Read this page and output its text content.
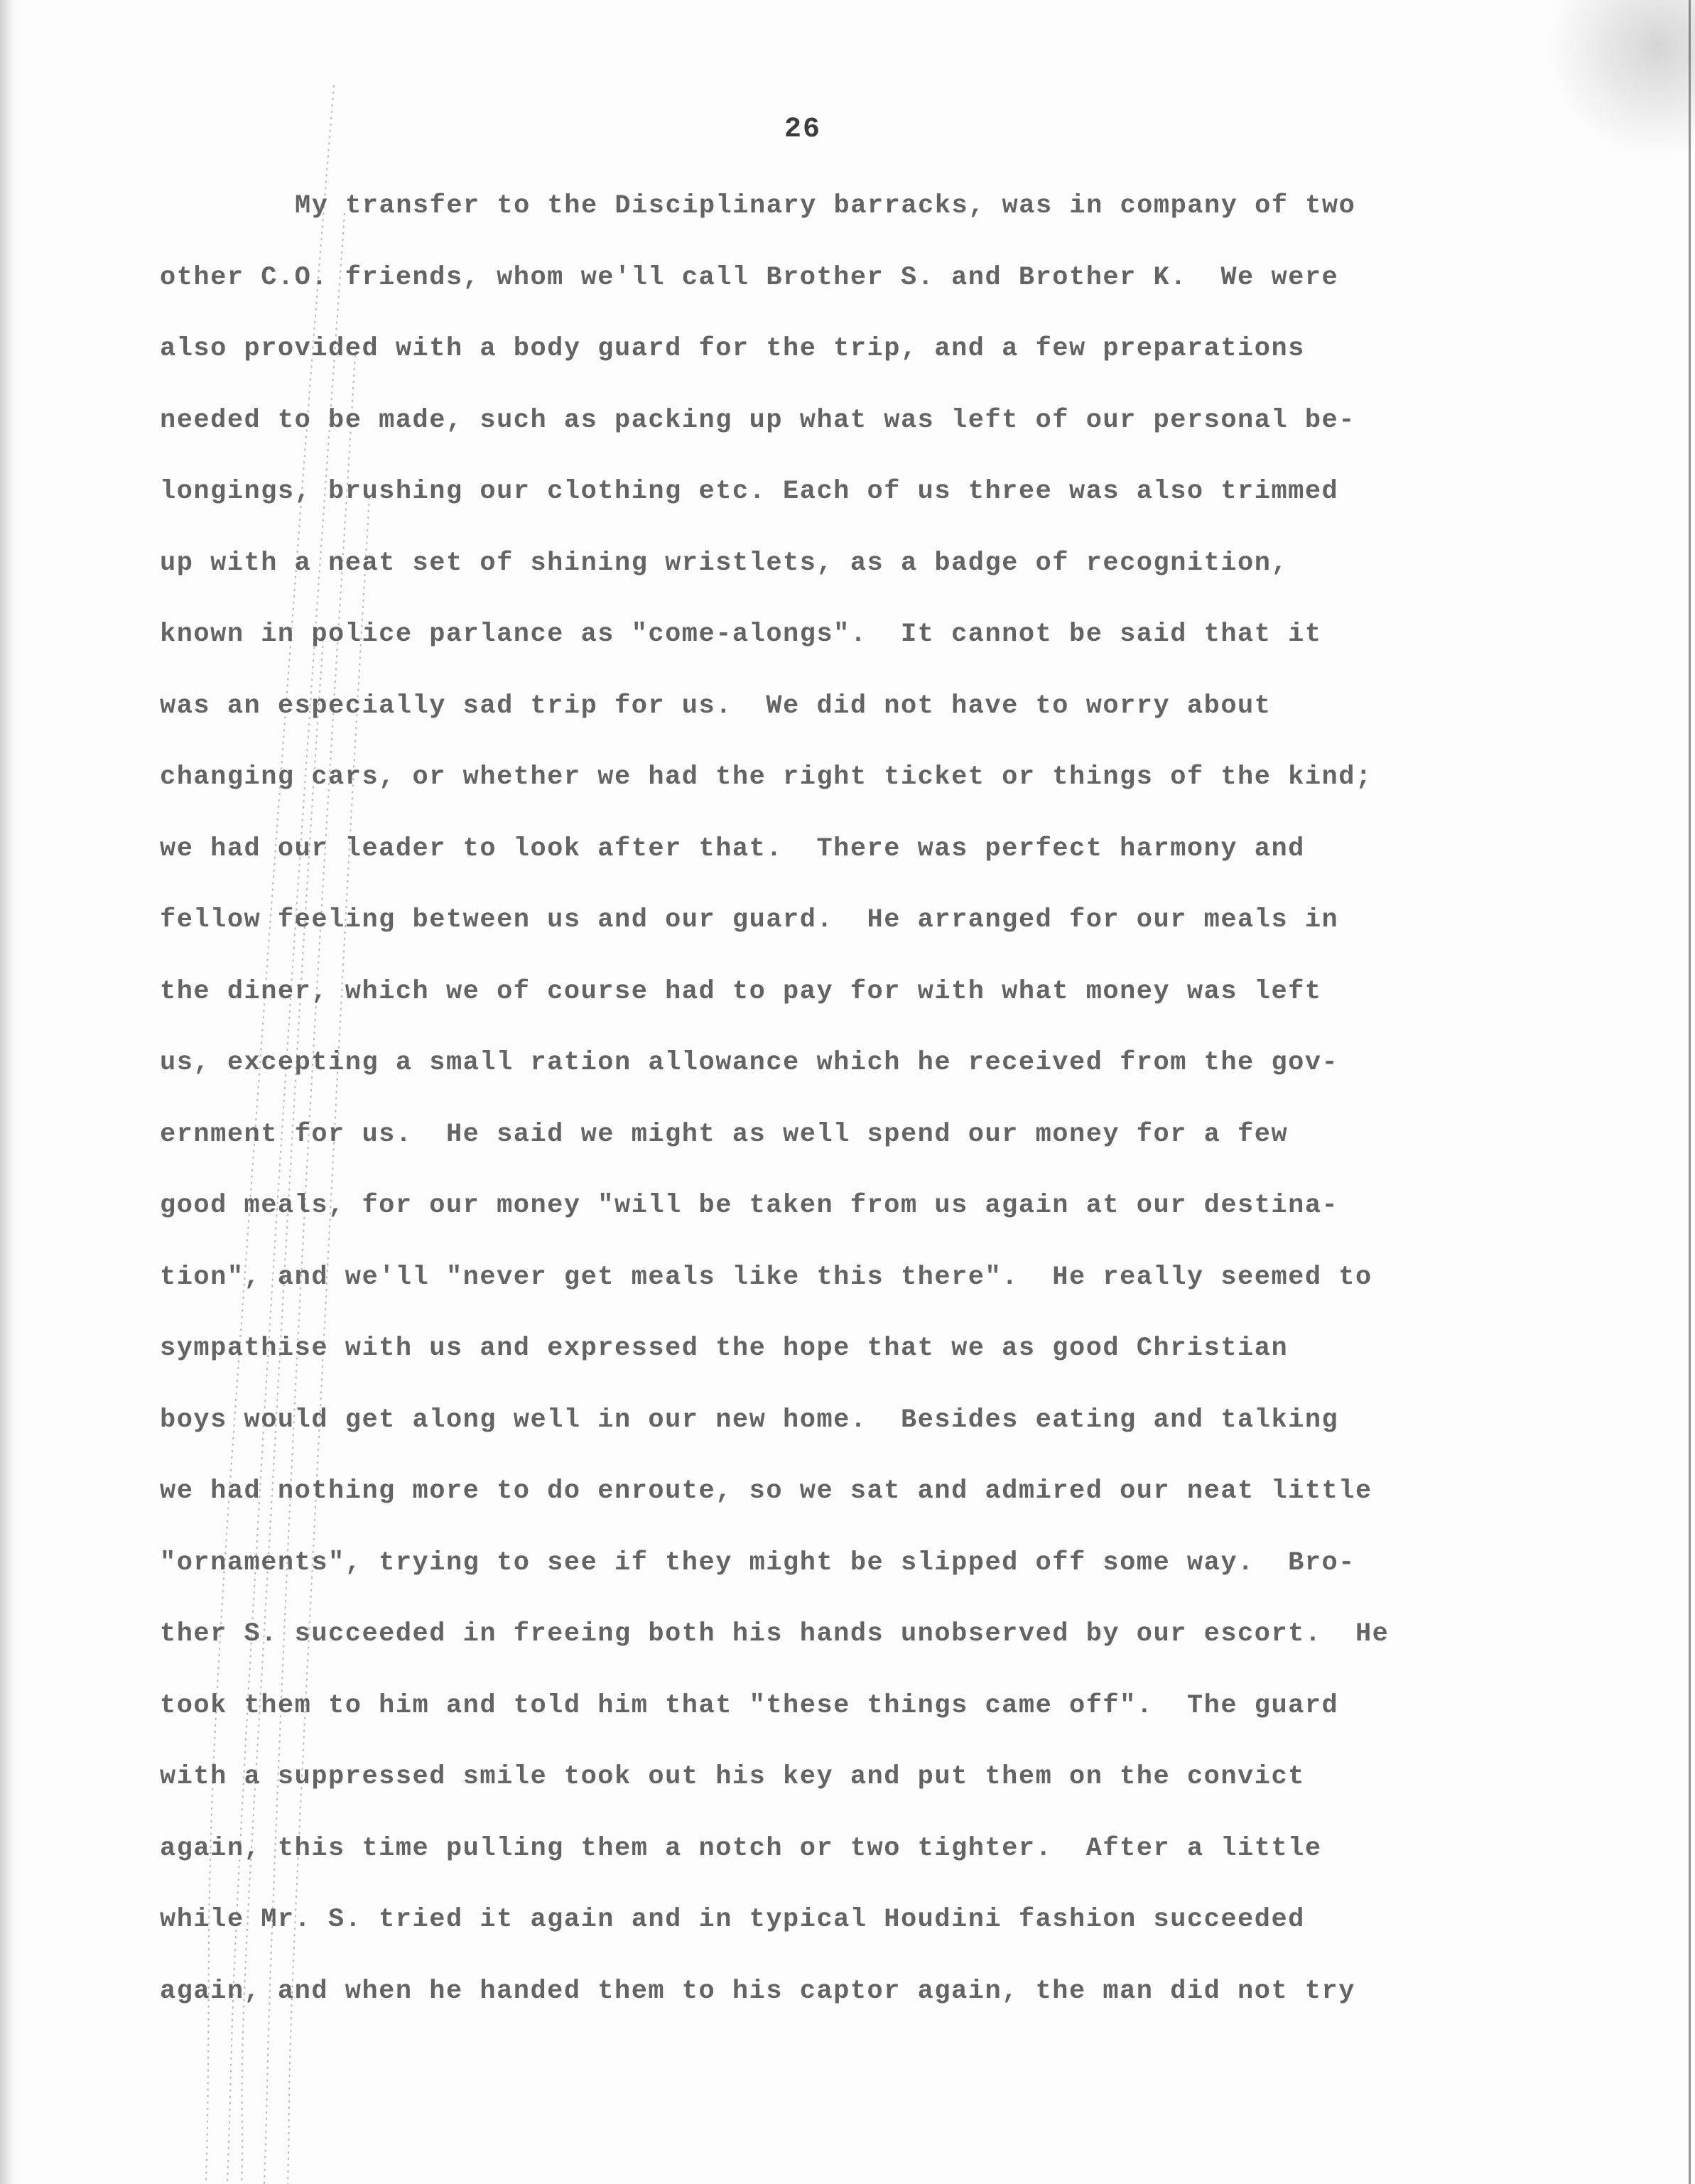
26
My transfer to the Disciplinary barracks, was in company of two
other C.O. friends, whom we'll call Brother S. and Brother K.  We were
also provided with a body guard for the trip, and a few preparations
needed to be made, such as packing up what was left of our personal be-
longings, brushing our clothing etc. Each of us three was also trimmed
up with a neat set of shining wristlets, as a badge of recognition,
known in police parlance as "come-alongs".  It cannot be said that it
was an especially sad trip for us.  We did not have to worry about
changing cars, or whether we had the right ticket or things of the kind;
we had our leader to look after that.  There was perfect harmony and
fellow feeling between us and our guard.  He arranged for our meals in
the diner, which we of course had to pay for with what money was left
us, excepting a small ration allowance which he received from the gov-
ernment for us.  He said we might as well spend our money for a few
good meals, for our money "will be taken from us again at our destina-
tion", and we'll "never get meals like this there".  He really seemed to
sympathise with us and expressed the hope that we as good Christian
boys would get along well in our new home.  Besides eating and talking
we had nothing more to do enroute, so we sat and admired our neat little
"ornaments", trying to see if they might be slipped off some way.  Bro-
ther S. succeeded in freeing both his hands unobserved by our escort.  He
took them to him and told him that "these things came off".  The guard
with a suppressed smile took out his key and put them on the convict
again, this time pulling them a notch or two tighter.  After a little
while Mr. S. tried it again and in typical Houdini fashion succeeded
again, and when he handed them to his captor again, the man did not try
